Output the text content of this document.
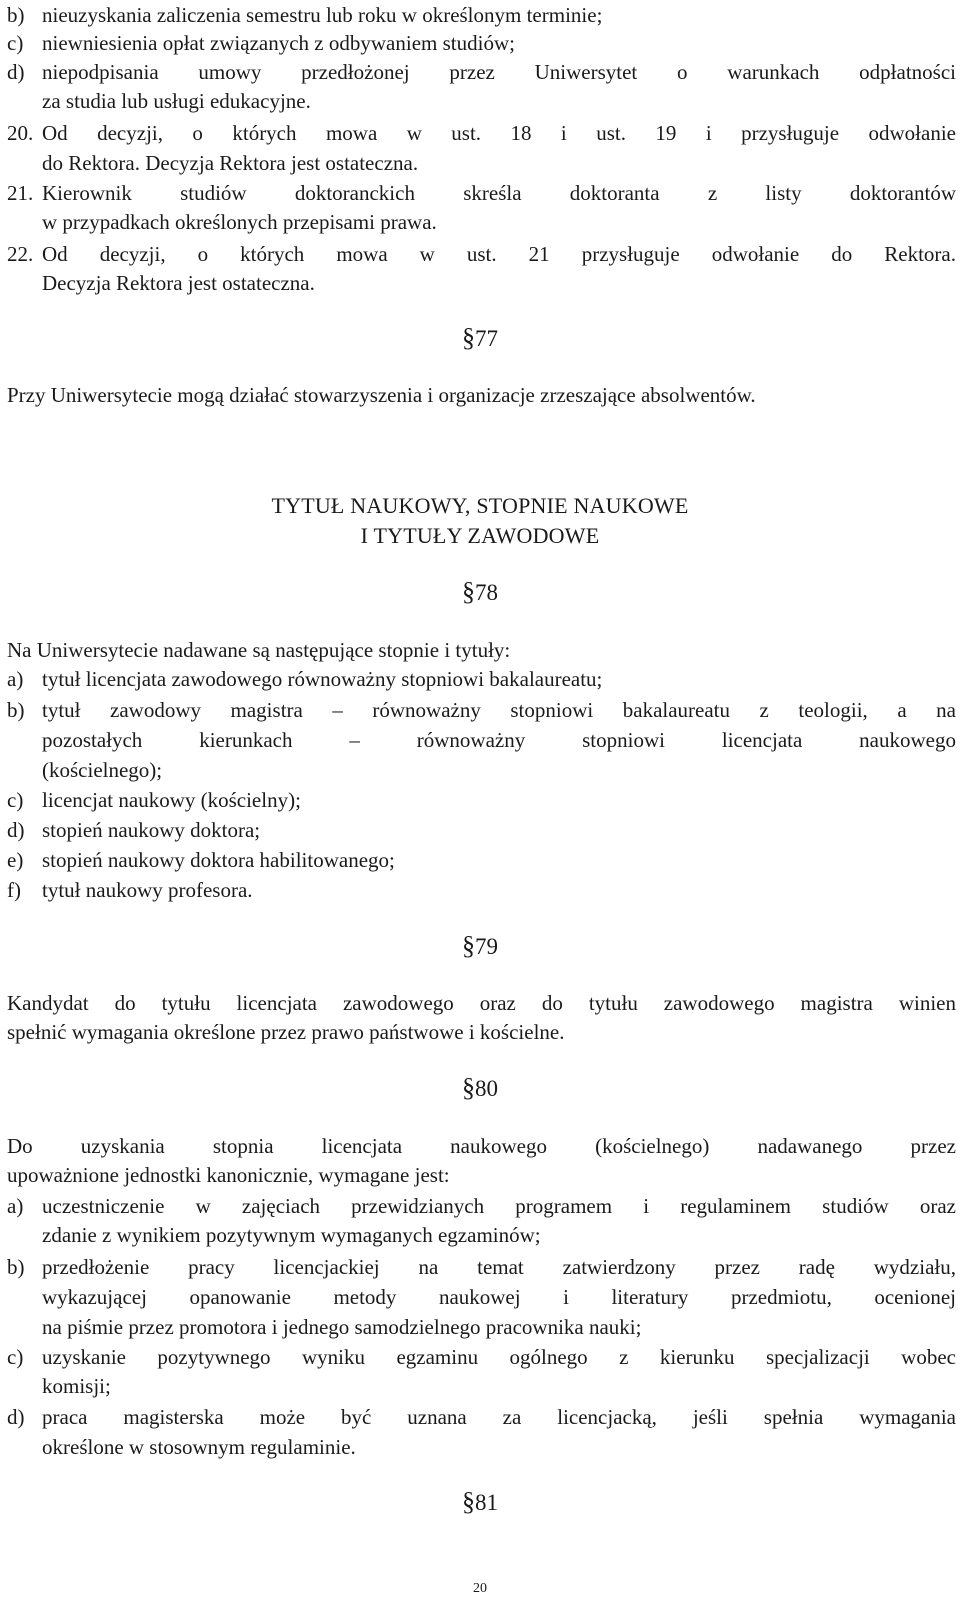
b) nieuzyskania zaliczenia semestru lub roku w określonym terminie;
c) niewniesienia opłat związanych z odbywaniem studiów;
d) niepodpisania umowy przedłożonej przez Uniwersytet o warunkach odpłatności
za studia lub usługi edukacyjne.
20. Od decyzji, o których mowa w ust. 18 i ust. 19 i przysługuje odwołanie
do Rektora. Decyzja Rektora jest ostateczna.
21. Kierownik studiów doktoranckich skreśla doktoranta z listy doktorantów
w przypadkach określonych przepisami prawa.
22. Od decyzji, o których mowa w ust. 21 przysługuje odwołanie do Rektora.
Decyzja Rektora jest ostateczna.
§77
Przy Uniwersytecie mogą działać stowarzyszenia i organizacje zrzeszające absolwentów.
TYTUŁ NAUKOWY, STOPNIE NAUKOWE
I TYTUŁY ZAWODOWE
§78
Na Uniwersytecie nadawane są następujące stopnie i tytuły:
a) tytuł licencjata zawodowego równoważny stopniowi bakalaureatu;
b) tytuł zawodowy magistra – równoważny stopniowi bakalaureatu z teologii, a na
pozostałych kierunkach – równoważny stopniowi licencjata naukowego
(kościelnego);
c) licencjat naukowy (kościelny);
d) stopień naukowy doktora;
e) stopień naukowy doktora habilitowanego;
f) tytuł naukowy profesora.
§79
Kandydat do tytułu licencjata zawodowego oraz do tytułu zawodowego magistra winien
spełnić wymagania określone przez prawo państwowe i kościelne.
§80
Do uzyskania stopnia licencjata naukowego (kościelnego) nadawanego przez
upoważnione jednostki kanonicznie, wymagane jest:
a) uczestniczenie w zajęciach przewidzianych programem i regulaminem studiów oraz
zdanie z wynikiem pozytywnym wymaganych egzaminów;
b) przedłożenie pracy licencjackiej na temat zatwierdzony przez radę wydziału,
wykazującej opanowanie metody naukowej i literatury przedmiotu, ocenionej
na piśmie przez promotora i jednego samodzielnego pracownika nauki;
c) uzyskanie pozytywnego wyniku egzaminu ogólnego z kierunku specjalizacji wobec
komisji;
d) praca magisterska może być uznana za licencjacką, jeśli spełnia wymagania
określone w stosownym regulaminie.
§81
20
